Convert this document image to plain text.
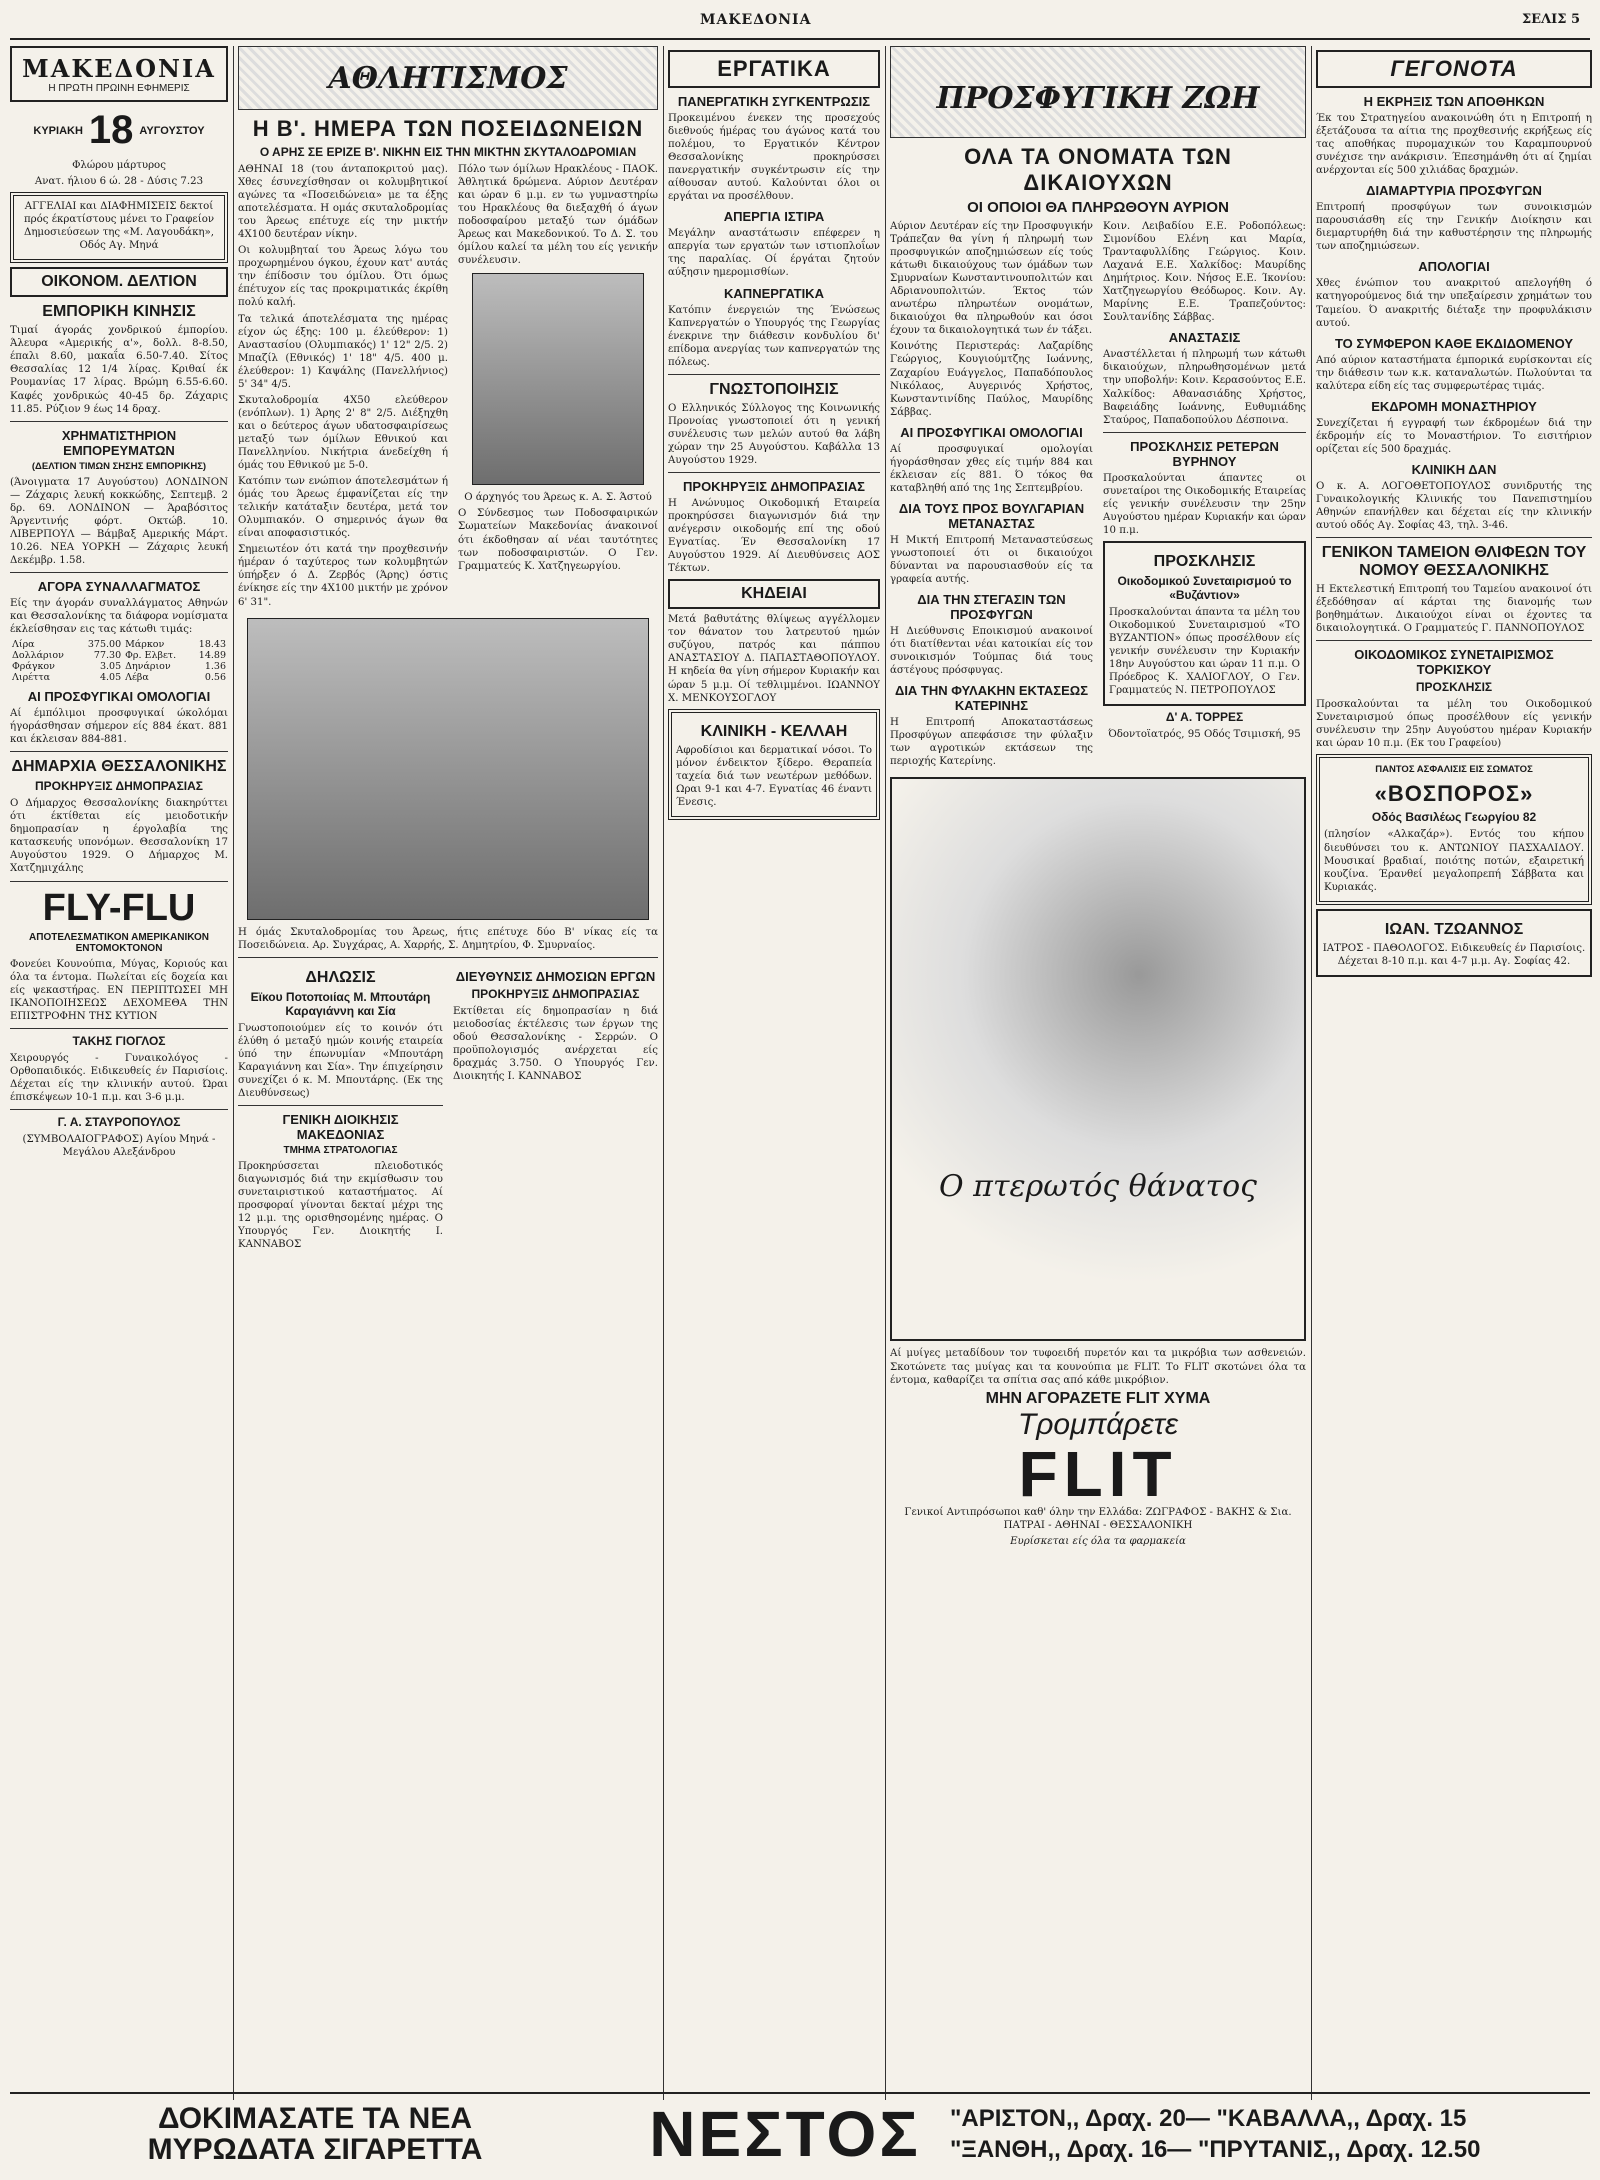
ΜΑΚΕΔΟΝΙΑ	ΣΕΛΙΣ 5
ΜΑΚΕΔΟΝΙΑ
Η ΠΡΩΤΗ ΠΡΩΙΝΗ ΕΦΗΜΕΡΙΣ
ΚΥΡΙΑΚΗ 18 ΑΥΓΟΥΣΤΟΥ

Φλώρου μάρτυρος

Ανατ. ήλιου 6 ώ. 28 - Δύσις 7.23

ΑΓΓΕΛΙΑΙ και ΔΙΑΦΗΜΙΣΕΙΣ δεκτοί πρός έκρατίστους μένει το Γραφείον Δημοσιεύσεων της «Μ. Λαγουδάκη», Οδός Αγ. Μηνά

ΟΙΚΟΝΟΜ. ΔΕΛΤΙΟΝ
ΕΜΠΟΡΙΚΗ ΚΙΝΗΣΙΣ

Τιμαί άγοράς χονδρικού έμπορίου. Άλευρα «Αμερικής α'», δολλ. 8-8.50, έπαλι 8.60, μακαΐα 6.50-7.40. Σίτος Θεσσαλίας 12 1/4 λίρας. Κριθαί έκ Ρουμανίας 17 λίρας. Βρώμη 6.55-6.60. Καφές χονδρικώς 40-45 δρ. Ζάχαρις 11.85. Ρύζιον 9 έως 14 δραχ.

ΧΡΗΜΑΤΙΣΤΗΡΙΟΝ ΕΜΠΟΡΕΥΜΑΤΩΝ
(ΔΕΛΤΙΟΝ ΤΙΜΩΝ ΣΗΣΗΣ ΕΜΠΟΡΙΚΗΣ)

(Άνοιγματα 17 Αυγούστου) ΛΟΝΔΙΝΟΝ — Ζάχαρις λευκή κοκκώδης, Σεπτεμβ. 2 δρ. 69. ΛΟΝΔΙΝΟΝ — Άραβόσιτος Άργεντινής φόρτ. Οκτώβ. 10. ΛΙΒΕΡΠΟΥΛ — Βάμβαξ Αμερικής Μάρτ. 10.26. ΝΕΑ ΥΟΡΚΗ — Ζάχαρις λευκή Δεκέμβρ. 1.58.

ΑΓΟΡΑ ΣΥΝΑΛΛΑΓΜΑΤΟΣ

Είς την άγοράν συναλλάγματος Αθηνών και Θεσσαλονίκης τα διάφορα νομίσματα έκλείσθησαν εις τας κάτωθι τιμάς:

Λίρα	375.00	Μάρκον	18.43
Δολλάριον	77.30	Φρ. Ελβετ.	14.89
Φράγκον	3.05	Δηνάριον	1.36
Λιρέττα	4.05	Λέβα	0.56
ΑΙ ΠΡΟΣΦΥΓΙΚΑΙ ΟΜΟΛΟΓΙΑΙ

Αί έμπόλιμοι προσφυγικαί ώκολόμαι ήγοράσθησαν σήμερον είς 884 έκατ. 881 και έκλεισαν 884-881.

ΔΗΜΑΡΧΙΑ ΘΕΣΣΑΛΟΝΙΚΗΣ
ΠΡΟΚΗΡΥΞΙΣ ΔΗΜΟΠΡΑΣΙΑΣ

Ο Δήμαρχος Θεσσαλονίκης διακηρύττει ότι έκτίθεται είς μειοδοτικήν δημοπρασίαν η έργολαβία της κατασκευής υπονόμων. Θεσσαλονίκη 17 Αυγούστου 1929. Ο Δήμαρχος Μ. Χατζημιχάλης

FLY-FLU
ΑΠΟΤΕΛΕΣΜΑΤΙΚΟΝ ΑΜΕΡΙΚΑΝΙΚΟΝ ΕΝΤΟΜΟΚΤΟΝΟΝ

Φονεύει Κουνούπια, Μύγας, Κοριούς και όλα τα έντομα. Πωλείται είς δοχεία και είς ψεκαστήρας. ΕΝ ΠΕΡΙΠΤΩΣΕΙ ΜΗ ΙΚΑΝΟΠΟΙΗΣΕΩΣ ΔΕΧΟΜΕΘΑ ΤΗΝ ΕΠΙΣΤΡΟΦΗΝ ΤΗΣ ΚΥΤΙΟΝ

ΤΑΚΗΣ ΓΙΟΓΛΟΣ

Χειρουργός - Γυναικολόγος - Ορθοπαιδικός. Ειδικευθείς έν Παρισίοις. Δέχεται είς την κλινικήν αυτού. Ώραι έπισκέψεων 10-1 π.μ. και 3-6 μ.μ.

Γ. Α. ΣΤΑΥΡΟΠΟΥΛΟΣ

(ΣΥΜΒΟΛΑΙΟΓΡΑΦΟΣ) Αγίου Μηνά - Μεγάλου Αλεξάνδρου

ΑΘΛΗΤΙΣΜΟΣ
Η Β'. ΗΜΕΡΑ ΤΩΝ ΠΟΣΕΙΔΩΝΕΙΩΝ
Ο ΑΡΗΣ ΣΕ ΕΡΙΖΕ Β'. ΝΙΚΗΝ ΕΙΣ ΤΗΝ ΜΙΚΤΗΝ ΣΚΥΤΑΛΟΔΡΟΜΙΑΝ

ΑΘΗΝΑΙ 18 (του άνταποκριτού μας). Χθες έσυνεχίσθησαν οι κολυμβητικοί αγώνες τα «Ποσειδώνεια» με τα έξης αποτελέσματα. Η ομάς σκυταλοδρομίας του Άρεως επέτυχε είς την μικτήν 4Χ100 δευτέραν νίκην.

Οι κολυμβηταί του Άρεως λόγω του προχωρημένου όγκου, έχουν κατ' αυτάς την έπίδοσιν του όμίλου. Ότι όμως έπέτυχον είς τας προκριματικάς έκρίθη πολύ καλή.

Τα τελικά άποτελέσματα της ημέρας είχον ώς έξης: 100 μ. έλεύθερον: 1) Αναστασίου (Ολυμπιακός) 1' 12" 2/5. 2) Μπαζίλ (Εθνικός) 1' 18" 4/5. 400 μ. έλεύθερον: 1) Καψάλης (Πανελλήνιος) 5' 34" 4/5.

Σκυταλοδρομία 4Χ50 ελεύθερον (ενόπλων). 1) Άρης 2' 8" 2/5. Διέξηχθη και ο δεύτερος άγων υδατοσφαιρίσεως μεταξύ των όμίλων Εθνικού και Πανελληνίου. Νικήτρια άνεδείχθη ή όμάς του Εθνικού με 5-0.

Κατόπιν των ενώπιον άποτελεσμάτων ή όμάς του Άρεως έμφανίζεται είς την τελικήν κατάταξιν δευτέρα, μετά τον Ολυμπιακόν. Ο σημερινός άγων θα είναι αποφασιστικός.

Σημειωτέον ότι κατά την προχθεσινήν ήμέραν ό ταχύτερος των κολυμβητών ύπήρξεν ό Δ. Ζερβός (Άρης) όστις ένίκησε είς την 4Χ100 μικτήν με χρόνον 6' 31".

Πόλο των όμίλων Ηρακλέους - ΠΑΟΚ. Άθλητικά δρώμενα. Αύριον Δευτέραν και ώραν 6 μ.μ. εν τω γυμναστηρίω του Ηρακλέους θα διεξαχθή ό άγων ποδοσφαίρου μεταξύ των όμάδων Άρεως και Μακεδονικού. Το Δ. Σ. του όμίλου καλεί τα μέλη του είς γενικήν συνέλευσιν.

Ο άρχηγός του Άρεως κ. Α. Σ. Άστού

Ο Σύνδεσμος των Ποδοσφαιρικών Σωματείων Μακεδονίας άνακοινοί ότι έκδοθησαν αί νέαι ταυτότητες των ποδοσφαιριστών. Ο Γεν. Γραμματεύς Κ. Χατζηγεωργίου.

Η όμάς Σκυταλοδρομίας του Άρεως, ήτις επέτυχε δύο Β' νίκας είς τα Ποσειδώνεια. Αρ. Συγχάρας, Α. Χαρρής, Σ. Δημητρίου, Φ. Σμυρναίος.

ΔΗΛΩΣΙΣ
Εϊκου Ποτοποιίας Μ. Μπουτάρη Καραγιάννη και Σία

Γνωστοποιούμεν είς το κοινόν ότι έλύθη ό μεταξύ ημών κοινής εταιρεία ύπό την έπωνυμίαν «Μπουτάρη Καραγιάννη και Σία». Την έπιχείρησιν συνεχίζει ό κ. Μ. Μπουτάρης. (Εκ της Διευθύνσεως)

ΓΕΝΙΚΗ ΔΙΟΙΚΗΣΙΣ ΜΑΚΕΔΟΝΙΑΣ
ΤΜΗΜΑ ΣΤΡΑΤΟΛΟΓΙΑΣ

Προκηρύσσεται πλειοδοτικός διαγωνισμός διά την εκμίσθωσιν του συνεταιριστικού καταστήματος. Αί προσφοραί γίνονται δεκταί μέχρι της 12 μ.μ. της ορισθησομένης ημέρας. Ο Υπουργός Γεν. Διοικητής Ι. ΚΑΝΝΑΒΟΣ

ΔΙΕΥΘΥΝΣΙΣ ΔΗΜΟΣΙΩΝ ΕΡΓΩΝ
ΠΡΟΚΗΡΥΞΙΣ ΔΗΜΟΠΡΑΣΙΑΣ

Εκτίθεται είς δημοπρασίαν η διά μειοδοσίας έκτέλεσις των έργων της οδού Θεσσαλονίκης - Σερρών. Ο προϋπολογισμός ανέρχεται είς δραχμάς 3.750. Ο Υπουργός Γεν. Διοικητής Ι. ΚΑΝΝΑΒΟΣ

ΕΡΓΑΤΙΚΑ
ΠΑΝΕΡΓΑΤΙΚΗ ΣΥΓΚΕΝΤΡΩΣΙΣ

Προκειμένου ένεκεν της προσεχούς διεθνούς ήμέρας του άγώνος κατά του πολέμου, το Εργατικόν Κέντρον Θεσσαλονίκης προκηρύσσει πανεργατικήν συγκέντρωσιν είς την αίθουσαν αυτού. Καλούνται όλοι οι εργάται να προσέλθουν.

ΑΠΕΡΓΙΑ ΙΣΤΙΡΑ

Μεγάλην αναστάτωσιν επέφερεν η απεργία των εργατών των ιστιοπλοΐων της παραλίας. Οί έργάται ζητούν αύξησιν ημερομισθίων.

ΚΑΠΝΕΡΓΑΤΙΚΑ

Κατόπιν ένεργειών της Ένώσεως Καπνεργατών ο Υπουργός της Γεωργίας ένεκρινε την διάθεσιν κονδυλίου δι' επίδομα ανεργίας των καπνεργατών της πόλεως.

ΓΝΩΣΤΟΠΟΙΗΣΙΣ

Ο Ελληνικός Σύλλογος της Κοινωνικής Προνοίας γνωστοποιεί ότι η γενική συνέλευσις των μελών αυτού θα λάβη χώραν την 25 Αυγούστου. Καβάλλα 13 Αυγούστου 1929.

ΠΡΟΚΗΡΥΞΙΣ ΔΗΜΟΠΡΑΣΙΑΣ

Η Ανώνυμος Οικοδομική Εταιρεία προκηρύσσει διαγωνισμόν διά την ανέγερσιν οικοδομής επί της οδού Εγνατίας. Έν Θεσσαλονίκη 17 Αυγούστου 1929. Αί Διευθύνσεις ΑΟΣ Τέκτων.

ΚΗΔΕΙΑΙ

Μετά βαθυτάτης θλίψεως αγγέλλομεν τον θάνατον του λατρευτού ημών συζύγου, πατρός και πάππου ΑΝΑΣΤΑΣΙΟΥ Δ. ΠΑΠΑΣΤΑΘΟΠΟΥΛΟΥ. Η κηδεία θα γίνη σήμερον Κυριακήν και ώραν 5 μ.μ. Οί τεθλιμμένοι. ΙΩΑΝΝΟΥ Χ. ΜΕΝΚΟΥΣΟΓΛΟΥ

ΚΛΙΝΙΚΗ - ΚΕΛΛΑΗ

Αφροδίσιοι και δερματικαί νόσοι. Το μόνον ένδεικτον ξίδερο. Θεραπεία ταχεία διά των νεωτέρων μεθόδων. Ωραι 9-1 και 4-7. Εγνατίας 46 έναντι Ένεσις.

ΠΡΟΣΦΥΓΙΚΗ ΖΩΗ
ΟΛΑ ΤΑ ΟΝΟΜΑΤΑ ΤΩΝ ΔΙΚΑΙΟΥΧΩΝ
ΟΙ ΟΠΟΙΟΙ ΘΑ ΠΛΗΡΩΘΟΥΝ ΑΥΡΙΟΝ

Αύριον Δευτέραν είς την Προσφυγικήν Τράπεζαν θα γίνη ή πληρωμή των προσφυγικών αποζημιώσεων είς τούς κάτωθι δικαιούχους των όμάδων των Σμυρναίων Κωνσταντινουπολιτών και Αδριανουπολιτών. Έκτος τών ανωτέρω πληρωτέων ονομάτων, δικαιούχοι θα πληρωθούν και όσοι έχουν τα δικαιολογητικά των έν τάξει.

Κοινότης Περιστεράς: Λαζαρίδης Γεώργιος, Κουγιούμτζης Ιωάννης, Ζαχαρίου Ευάγγελος, Παπαδόπουλος Νικόλαος, Αυγερινός Χρήστος, Κωνσταντινίδης Παύλος, Μαυρίδης Σάββας.

ΑΙ ΠΡΟΣΦΥΓΙΚΑΙ ΟΜΟΛΟΓΙΑΙ

Αί προσφυγικαί ομολογίαι ήγοράσθησαν χθες είς τιμήν 884 και έκλεισαν είς 881. Ό τόκος θα καταβληθή από της 1ης Σεπτεμβρίου.

ΔΙΑ ΤΟΥΣ ΠΡΟΣ ΒΟΥΛΓΑΡΙΑΝ ΜΕΤΑΝΑΣΤΑΣ

Η Μικτή Επιτροπή Μεταναστεύσεως γνωστοποιεί ότι οι δικαιούχοι δύνανται να παρουσιασθούν είς τα γραφεία αυτής.

ΔΙΑ ΤΗΝ ΣΤΕΓΑΣΙΝ ΤΩΝ ΠΡΟΣΦΥΓΩΝ

Η Διεύθυνσις Εποικισμού ανακοινοί ότι διατίθενται νέαι κατοικίαι είς τον συνοικισμόν Τούμπας διά τους άστέγους πρόσφυγας.

ΔΙΑ ΤΗΝ ΦΥΛΑΚΗΝ ΕΚΤΑΣΕΩΣ ΚΑΤΕΡΙΝΗΣ

Η Επιτροπή Αποκαταστάσεως Προσφύγων απεφάσισε την φύλαξιν των αγροτικών εκτάσεων της περιοχής Κατερίνης.

Κοιν. Λειβαδίου Ε.Ε. Ροδοπόλεως: Σιμονίδου Ελένη και Μαρία, Τρανταφυλλίδης Γεώργιος. Κοιν. Λαχανά Ε.Ε. Χαλκίδος: Μαυρίδης Δημήτριος. Κοιν. Νήσος Ε.Ε. Ίκονίου: Χατζηγεωργίου Θεόδωρος. Κοιν. Αγ. Μαρίνης Ε.Ε. Τραπεζούντος: Σουλτανίδης Σάββας.

ΑΝΑΣΤΑΣΙΣ

Αναστέλλεται ή πληρωμή των κάτωθι δικαιούχων, πληρωθησομένων μετά την υποβολήν: Κοιν. Κερασούντος Ε.Ε. Χαλκίδος: Αθανασιάδης Χρήστος, Βαφειάδης Ιωάννης, Ευθυμιάδης Σταύρος, Παπαδοπούλου Δέσποινα.

ΠΡΟΣΚΛΗΣΙΣ ΡΕΤΕΡΩΝ ΒΥΡΗΝΟΥ

Προσκαλούνται άπαντες οι συνεταίροι της Οικοδομικής Εταιρείας είς γενικήν συνέλευσιν την 25ην Αυγούστου ημέραν Κυριακήν και ώραν 10 π.μ.

ΠΡΟΣΚΛΗΣΙΣ
Οικοδομικού Συνεταιρισμού το «Βυζάντιον»

Προσκαλούνται άπαντα τα μέλη του Οικοδομικού Συνεταιρισμού «ΤΟ ΒΥΖΑΝΤΙΟΝ» όπως προσέλθουν είς γενικήν συνέλευσιν την Κυριακήν 18ην Αυγούστου και ώραν 11 π.μ. Ο Πρόεδρος Κ. ΧΑΛΙΟΓΛΟΥ, Ο Γεν. Γραμματεύς Ν. ΠΕΤΡΟΠΟΥΛΟΣ

Δ' Α. ΤΟΡΡΕΣ

Όδοντοϊατρός, 95 Οδός Τσιμισκή, 95

Ο πτερωτός θάνατος

Αί μυίγες μεταδίδουν τον τυφοειδή πυρετόν και τα μικρόβια των ασθενειών. Σκοτώνετε τας μυίγας και τα κουνούπια με FLIT. Το FLIT σκοτώνει όλα τα έντομα, καθαρίζει τα σπίτια σας από κάθε μικρόβιον.

ΜΗΝ ΑΓΟΡΑΖΕΤΕ FLIT ΧΥΜΑ
Τρομπάρετε
FLIT

Γενικοί Αντιπρόσωποι καθ' όλην την Ελλάδα: ΖΩΓΡΑΦΟΣ - ΒΑΚΗΣ & Σια. ΠΑΤΡΑΙ - ΑΘΗΝΑΙ - ΘΕΣΣΑΛΟΝΙΚΗ

Ευρίσκεται είς όλα τα φαρμακεία

ΓΕΓΟΝΟΤΑ
Η ΕΚΡΗΞΙΣ ΤΩΝ ΑΠΟΘΗΚΩΝ

Έκ του Στρατηγείου ανακοινώθη ότι η Επιτροπή η έξετάζουσα τα αίτια της προχθεσινής εκρήξεως είς τας αποθήκας πυρομαχικών του Καραμπουρνού συνέχισε την ανάκρισιν. Έπεσημάνθη ότι αί ζημίαι ανέρχονται είς 500 χιλιάδας δραχμών.

ΔΙΑΜΑΡΤΥΡΙΑ ΠΡΟΣΦΥΓΩΝ

Επιτροπή προσφύγων των συνοικισμών παρουσιάσθη είς την Γενικήν Διοίκησιν και διεμαρτυρήθη διά την καθυστέρησιν της πληρωμής των αποζημιώσεων.

ΑΠΟΛΟΓΙΑΙ

Χθες ένώπιον του ανακριτού απελογήθη ό κατηγορούμενος διά την υπεξαίρεσιν χρημάτων του Ταμείου. Ό ανακριτής διέταξε την προφυλάκισιν αυτού.

ΤΟ ΣΥΜΦΕΡΟΝ ΚΑΘΕ ΕΚΔΙΔΟΜΕΝΟΥ

Από αύριον καταστήματα έμπορικά ευρίσκονται είς την διάθεσιν των κ.κ. καταναλωτών. Πωλούνται τα καλύτερα είδη είς τας συμφερωτέρας τιμάς.

ΕΚΔΡΟΜΗ ΜΟΝΑΣΤΗΡΙΟΥ

Συνεχίζεται ή εγγραφή των έκδρομέων διά την έκδρομήν είς το Μοναστήριον. Το εισιτήριον ορίζεται είς 500 δραχμάς.

ΚΛΙΝΙΚΗ ΔΑΝ

Ο κ. Α. ΛΟΓΟΘΕΤΟΠΟΥΛΟΣ συνιδρυτής της Γυναικολογικής Κλινικής του Πανεπιστημίου Αθηνών επανήλθεν και δέχεται είς την κλινικήν αυτού οδός Αγ. Σοφίας 43, τηλ. 3-46.

ΓΕΝΙΚΟΝ ΤΑΜΕΙΟΝ ΘΛΙΦΕΩΝ ΤΟΥ ΝΟΜΟΥ ΘΕΣΣΑΛΟΝΙΚΗΣ

Η Εκτελεστική Επιτροπή του Ταμείου ανακοινοί ότι έξεδόθησαν αί κάρται της διανομής των βοηθημάτων. Δικαιούχοι είναι οι έχοντες τα δικαιολογητικά. Ο Γραμματεύς Γ. ΠΑΝΝΟΠΟΥΛΟΣ

ΟΙΚΟΔΟΜΙΚΟΣ ΣΥΝΕΤΑΙΡΙΣΜΟΣ ΤΟΡΚΙΣΚΟΥ
ΠΡΟΣΚΛΗΣΙΣ

Προσκαλούνται τα μέλη του Οικοδομικού Συνεταιρισμού όπως προσέλθουν είς γενικήν συνέλευσιν την 25ην Αυγούστου ημέραν Κυριακήν και ώραν 10 π.μ. (Εκ του Γραφείου)

ΠΑΝΤΟΣ ΑΣΦΑΛΙΣΙΣ ΕΙΣ ΣΩΜΑΤΟΣ
«ΒΟΣΠΟΡΟΣ»
Οδός Βασιλέως Γεωργίου 82

(πλησίον «Αλκαζάρ»). Εντός του κήπου διευθύνσει του κ. ΑΝΤΩΝΙΟΥ ΠΑΣΧΑΛΙΔΟΥ. Μουσικαί βραδιαί, ποιότης ποτών, εξαιρετική κουζίνα. Έρανθεί μεγαλοπρεπή Σάββατα και Κυριακάς.

ΙΩΑΝ. ΤΖΩΑΝΝΟΣ

ΙΑΤΡΟΣ - ΠΑΘΟΛΟΓΟΣ. Ειδικευθείς έν Παρισίοις. Δέχεται 8-10 π.μ. και 4-7 μ.μ. Αγ. Σοφίας 42.

ΔΟΚΙΜΑΣΑΤΕ ΤΑ ΝΕΑ
ΜΥΡΩΔΑΤΑ ΣΙΓΑΡΕΤΤΑ	ΝΕΣΤΟΣ	"ΑΡΙΣΤΟΝ,, Δραχ. 20— "ΚΑΒΑΛΛΑ,, Δραχ. 15
"ΞΑΝΘΗ,, Δραχ. 16— "ΠΡΥΤΑΝΙΣ,, Δραχ. 12.50
